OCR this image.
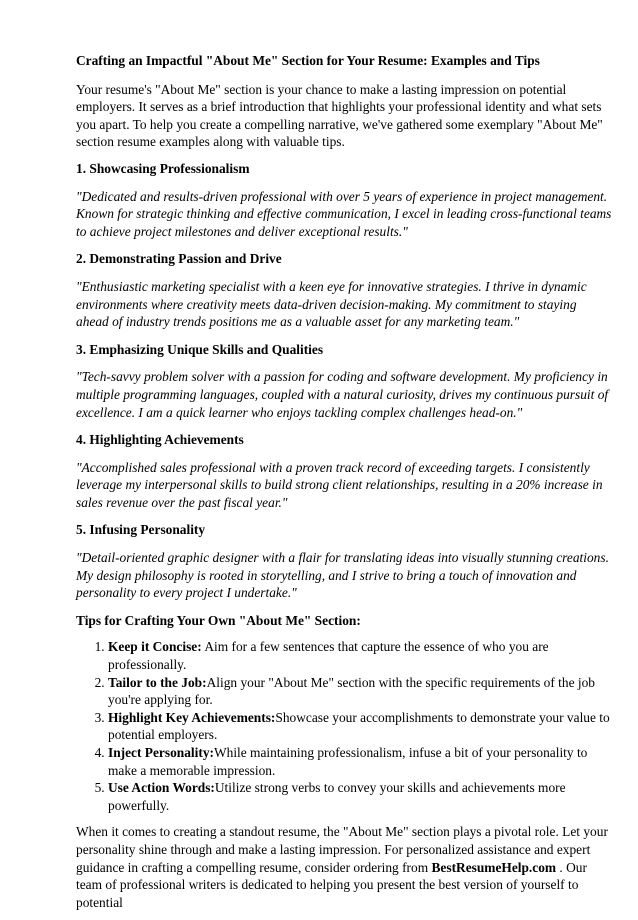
Crafting an Impactful "About Me" Section for Your Resume: Examples and Tips

Your resume's "About Me" section is your chance to make a lasting impression on potential employers. It serves as a brief introduction that highlights your professional identity and what sets you apart. To help you create a compelling narrative, we've gathered some exemplary "About Me" section resume examples along with valuable tips.

1. Showcasing Professionalism
"Dedicated and results-driven professional with over 5 years of experience in project management. Known for strategic thinking and effective communication, I excel in leading cross-functional teams to achieve project milestones and deliver exceptional results."
2. Demonstrating Passion and Drive
"Enthusiastic marketing specialist with a keen eye for innovative strategies. I thrive in dynamic environments where creativity meets data-driven decision-making. My commitment to staying ahead of industry trends positions me as a valuable asset for any marketing team."
3. Emphasizing Unique Skills and Qualities
"Tech-savvy problem solver with a passion for coding and software development. My proficiency in multiple programming languages, coupled with a natural curiosity, drives my continuous pursuit of excellence. I am a quick learner who enjoys tackling complex challenges head-on."
4. Highlighting Achievements
"Accomplished sales professional with a proven track record of exceeding targets. I consistently leverage my interpersonal skills to build strong client relationships, resulting in a 20% increase in sales revenue over the past fiscal year."
5. Infusing Personality
"Detail-oriented graphic designer with a flair for translating ideas into visually stunning creations. My design philosophy is rooted in storytelling, and I strive to bring a touch of innovation and personality to every project I undertake."
Tips for Crafting Your Own "About Me" Section:
1. Keep it Concise: Aim for a few sentences that capture the essence of who you are professionally.
2. Tailor to the Job:Align your "About Me" section with the specific requirements of the job you're applying for.
3. Highlight Key Achievements:Showcase your accomplishments to demonstrate your value to potential employers.
4. Inject Personality:While maintaining professionalism, infuse a bit of your personality to make a memorable impression.
5. Use Action Words:Utilize strong verbs to convey your skills and achievements more powerfully.

When it comes to creating a standout resume, the "About Me" section plays a pivotal role. Let your personality shine through and make a lasting impression. For personalized assistance and expert guidance in crafting a compelling resume, consider ordering from BestResumeHelp.com . Our team of professional writers is dedicated to helping you present the best version of yourself to potential
